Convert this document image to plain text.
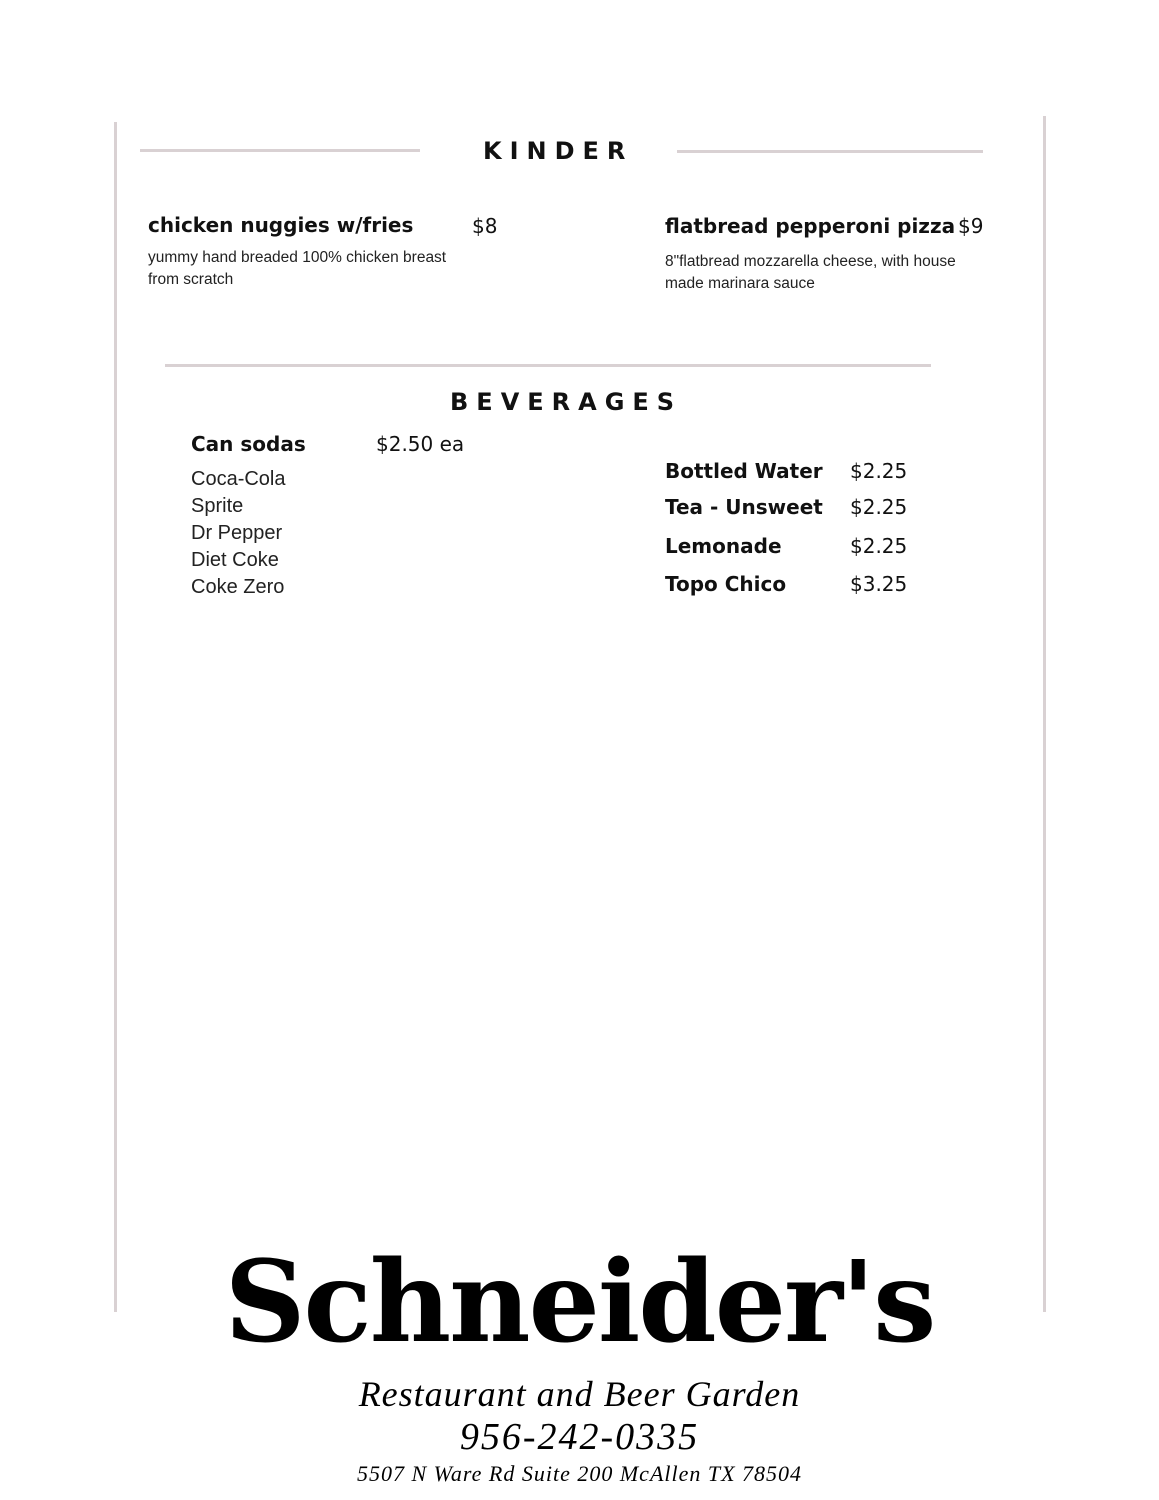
KINDER
chicken nuggies w/fries	$8
yummy hand breaded 100% chicken breast from scratch
flatbread pepperoni pizza $9
8"flatbread mozzarella cheese, with house made marinara sauce
BEVERAGES
Can sodas	$2.50 ea
Coca-Cola
Sprite
Dr Pepper
Diet Coke
Coke Zero
Bottled Water $2.25
Tea - Unsweet $2.25
Lemonade	$2.25
Topo Chico	$3.25
Schneider's
Restaurant and Beer Garden
956-242-0335
5507 N Ware Rd Suite 200 McAllen TX 78504
